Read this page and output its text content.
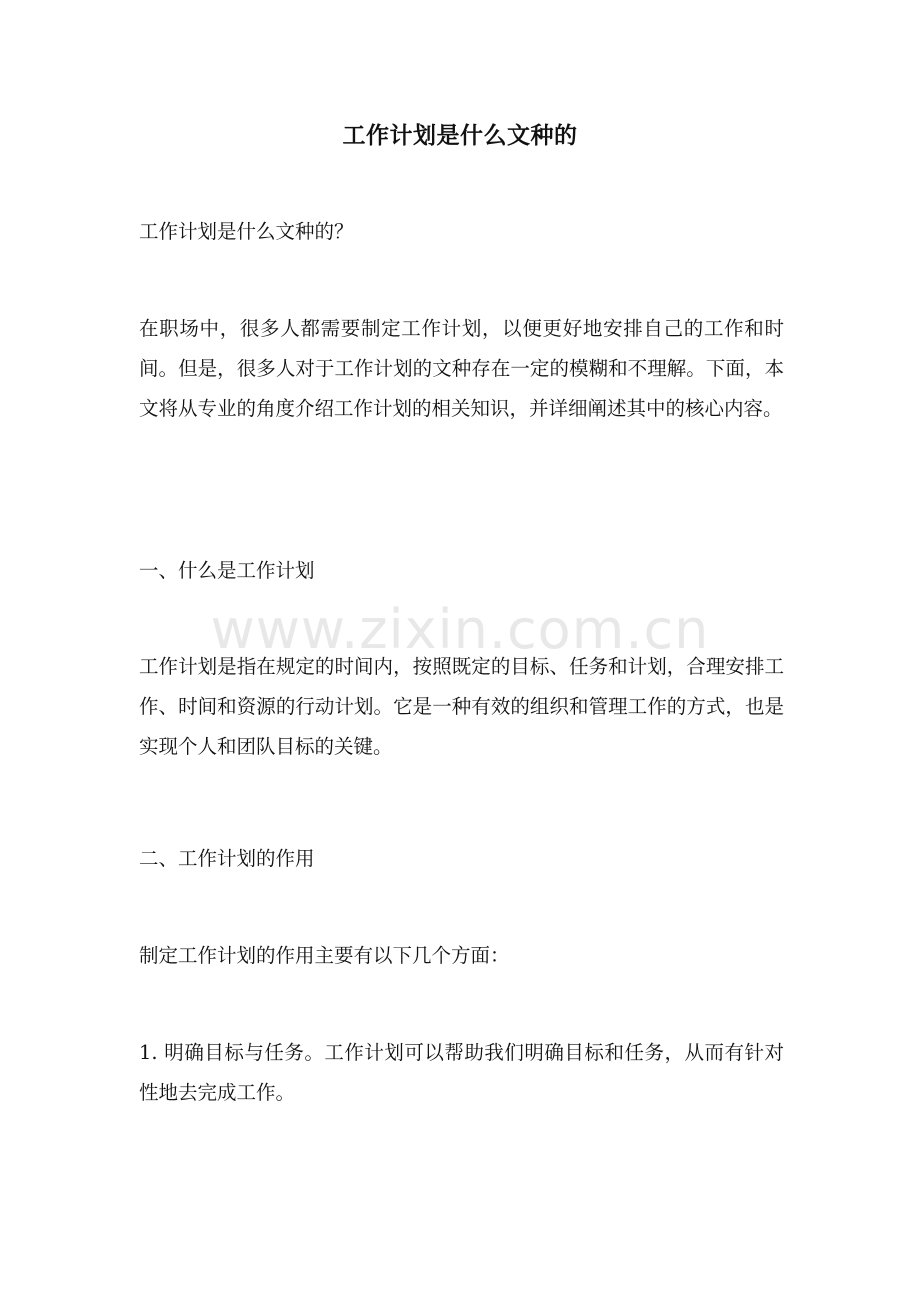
工作计划是什么文种的

工作计划是什么文种的？

在职场中，很多人都需要制定工作计划，以便更好地安排自己的工作和时间。但是，很多人对于工作计划的文种存在一定的模糊和不理解。下面，本文将从专业的角度介绍工作计划的相关知识，并详细阐述其中的核心内容。

一、什么是工作计划

工作计划是指在规定的时间内，按照既定的目标、任务和计划，合理安排工作、时间和资源的行动计划。它是一种有效的组织和管理工作的方式，也是实现个人和团队目标的关键。

二、工作计划的作用

制定工作计划的作用主要有以下几个方面：

1. 明确目标与任务。工作计划可以帮助我们明确目标和任务，从而有针对性地去完成工作。

www.zixin.com.cn
